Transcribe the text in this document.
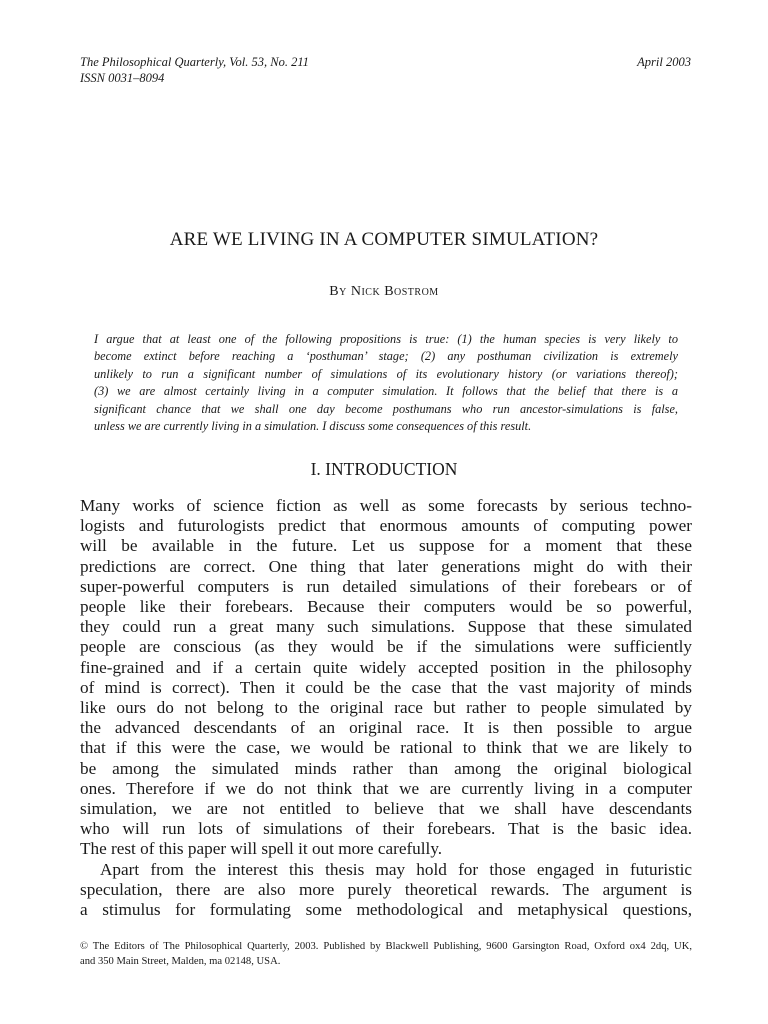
The Philosophical Quarterly, Vol. 53, No. 211
ISSN 0031–8094
April 2003
ARE WE LIVING IN A COMPUTER SIMULATION?
By Nick Bostrom
I argue that at least one of the following propositions is true: (1) the human species is very likely to
become extinct before reaching a ‘posthuman’ stage; (2) any posthuman civilization is extremely
unlikely to run a significant number of simulations of its evolutionary history (or variations thereof);
(3) we are almost certainly living in a computer simulation. It follows that the belief that there is a
significant chance that we shall one day become posthumans who run ancestor-simulations is false,
unless we are currently living in a simulation. I discuss some consequences of this result.
I. INTRODUCTION
Many works of science fiction as well as some forecasts by serious techno-
logists and futurologists predict that enormous amounts of computing power
will be available in the future. Let us suppose for a moment that these
predictions are correct. One thing that later generations might do with their
super-powerful computers is run detailed simulations of their forebears or of
people like their forebears. Because their computers would be so powerful,
they could run a great many such simulations. Suppose that these simulated
people are conscious (as they would be if the simulations were sufficiently
fine-grained and if a certain quite widely accepted position in the philosophy
of mind is correct). Then it could be the case that the vast majority of minds
like ours do not belong to the original race but rather to people simulated by
the advanced descendants of an original race. It is then possible to argue
that if this were the case, we would be rational to think that we are likely to
be among the simulated minds rather than among the original biological
ones. Therefore if we do not think that we are currently living in a computer
simulation, we are not entitled to believe that we shall have descendants
who will run lots of simulations of their forebears. That is the basic idea.
The rest of this paper will spell it out more carefully.
Apart from the interest this thesis may hold for those engaged in futuristic
speculation, there are also more purely theoretical rewards. The argument is
a stimulus for formulating some methodological and metaphysical questions,
© The Editors of The Philosophical Quarterly, 2003. Published by Blackwell Publishing, 9600 Garsington Road, Oxford ox4 2dq, UK,
and 350 Main Street, Malden, ma 02148, USA.
